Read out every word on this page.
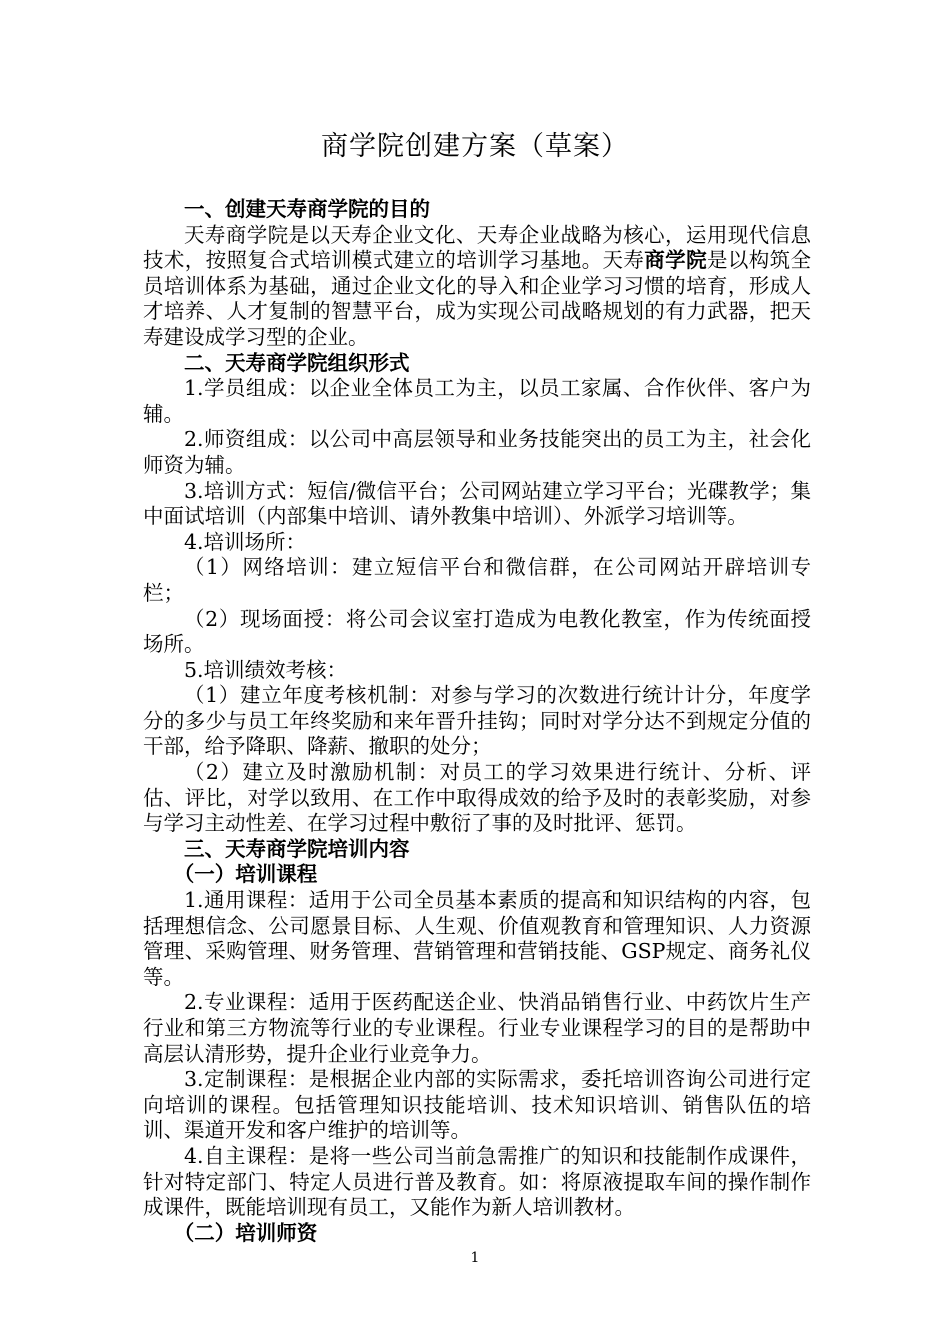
商学院创建方案（草案）

一、创建天寿商学院的目的

天寿商学院是以天寿企业文化、天寿企业战略为核心，运用现代信息技术，按照复合式培训模式建立的培训学习基地。天寿商学院是以构筑全员培训体系为基础，通过企业文化的导入和企业学习习惯的培育，形成人才培养、人才复制的智慧平台，成为实现公司战略规划的有力武器，把天寿建设成学习型的企业。

二、天寿商学院组织形式

1.学员组成：以企业全体员工为主，以员工家属、合作伙伴、客户为辅。

2.师资组成：以公司中高层领导和业务技能突出的员工为主，社会化师资为辅。

3.培训方式：短信/微信平台；公司网站建立学习平台；光碟教学；集中面试培训（内部集中培训、请外教集中培训）、外派学习培训等。

4.培训场所：

（1）网络培训：建立短信平台和微信群，在公司网站开辟培训专栏；

（2）现场面授：将公司会议室打造成为电教化教室，作为传统面授场所。

5.培训绩效考核：

（1）建立年度考核机制：对参与学习的次数进行统计计分，年度学分的多少与员工年终奖励和来年晋升挂钩；同时对学分达不到规定分值的干部，给予降职、降薪、撤职的处分；

（2）建立及时激励机制：对员工的学习效果进行统计、分析、评估、评比，对学以致用、在工作中取得成效的给予及时的表彰奖励，对参与学习主动性差、在学习过程中敷衍了事的及时批评、惩罚。

三、天寿商学院培训内容

（一）培训课程

1.通用课程：适用于公司全员基本素质的提高和知识结构的内容，包括理想信念、公司愿景目标、人生观、价值观教育和管理知识、人力资源管理、采购管理、财务管理、营销管理和营销技能、GSP规定、商务礼仪等。

2.专业课程：适用于医药配送企业、快消品销售行业、中药饮片生产行业和第三方物流等行业的专业课程。行业专业课程学习的目的是帮助中高层认清形势，提升企业行业竞争力。

3.定制课程：是根据企业内部的实际需求，委托培训咨询公司进行定向培训的课程。包括管理知识技能培训、技术知识培训、销售队伍的培训、渠道开发和客户维护的培训等。

4.自主课程：是将一些公司当前急需推广的知识和技能制作成课件，针对特定部门、特定人员进行普及教育。如：将原液提取车间的操作制作成课件，既能培训现有员工，又能作为新人培训教材。

（二）培训师资

1
